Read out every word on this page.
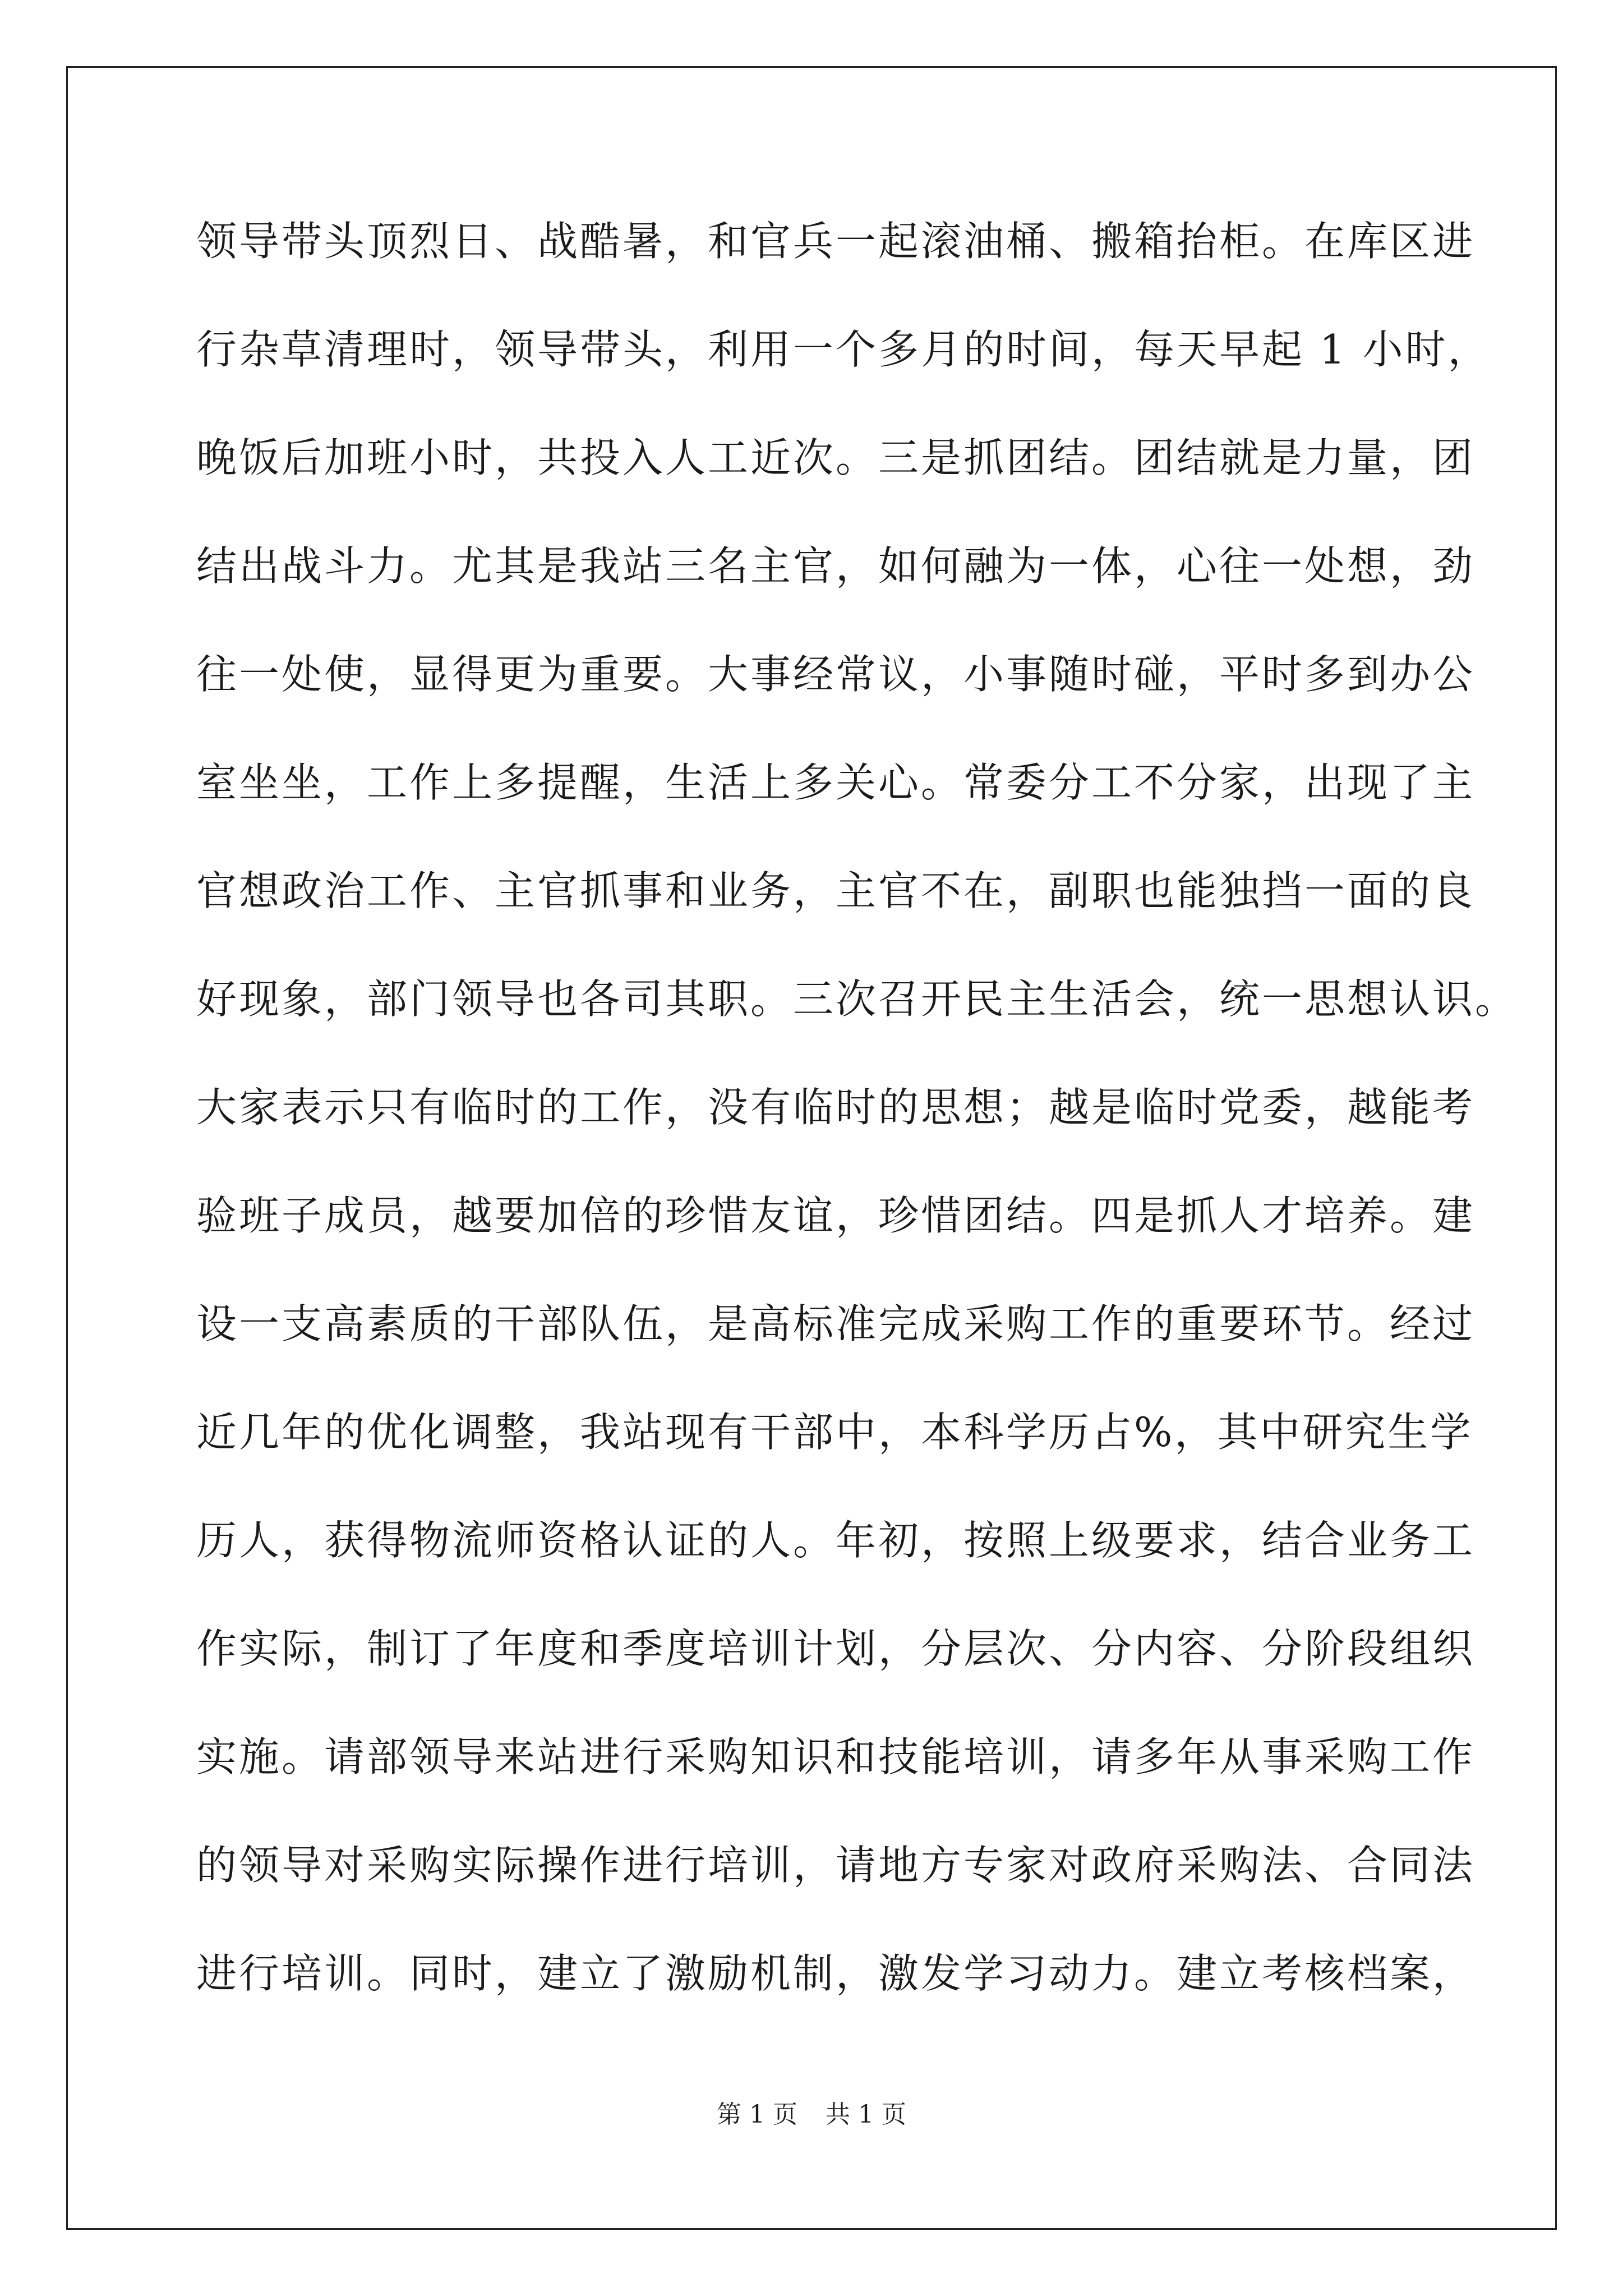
领导带头顶烈日、战酷暑，和官兵一起滚油桶、搬箱抬柜。在库区进
行杂草清理时，领导带头，利用一个多月的时间，每天早起 1 小时，
晚饭后加班小时，共投入人工近次。三是抓团结。团结就是力量，团
结出战斗力。尤其是我站三名主官，如何融为一体，心往一处想，劲
往一处使，显得更为重要。大事经常议，小事随时碰，平时多到办公
室坐坐，工作上多提醒，生活上多关心。常委分工不分家，出现了主
官想政治工作、主官抓事和业务，主官不在，副职也能独挡一面的良
好现象，部门领导也各司其职。三次召开民主生活会，统一思想认识。
大家表示只有临时的工作，没有临时的思想；越是临时党委，越能考
验班子成员，越要加倍的珍惜友谊，珍惜团结。四是抓人才培养。建
设一支高素质的干部队伍，是高标准完成采购工作的重要环节。经过
近几年的优化调整，我站现有干部中，本科学历占%，其中研究生学
历人，获得物流师资格认证的人。年初，按照上级要求，结合业务工
作实际，制订了年度和季度培训计划，分层次、分内容、分阶段组织
实施。请部领导来站进行采购知识和技能培训，请多年从事采购工作
的领导对采购实际操作进行培训，请地方专家对政府采购法、合同法
进行培训。同时，建立了激励机制，激发学习动力。建立考核档案，
第 1 页 共 1 页
